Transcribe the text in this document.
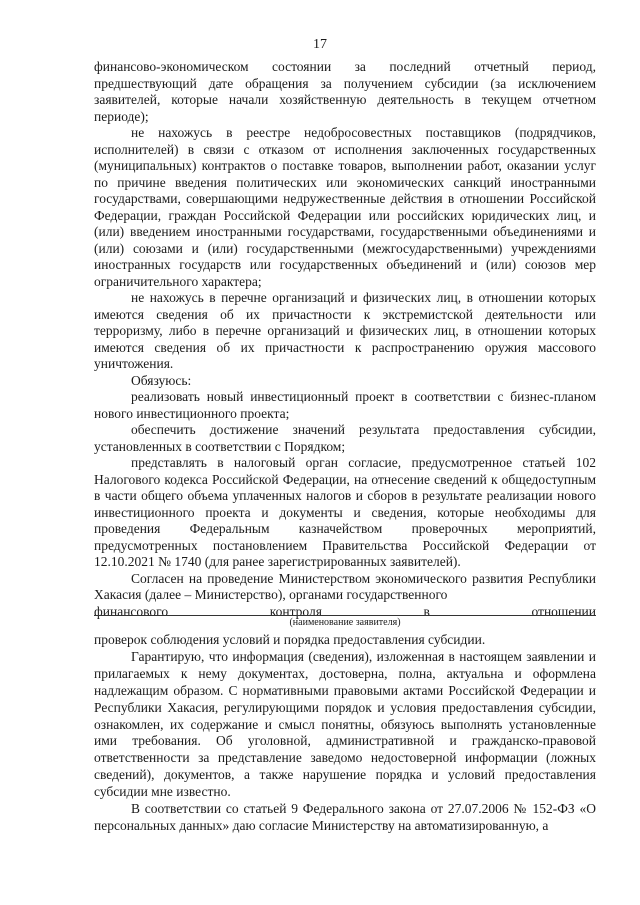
17

финансово-экономическом состоянии за последний отчетный период, предшествующий дате обращения за получением субсидии (за исключением заявителей, которые начали хозяйственную деятельность в текущем отчетном периоде);

не нахожусь в реестре недобросовестных поставщиков (подрядчиков, исполнителей) в связи с отказом от исполнения заключенных государственных (муниципальных) контрактов о поставке товаров, выполнении работ, оказании услуг по причине введения политических или экономических санкций иностранными государствами, совершающими недружественные действия в отношении Российской Федерации, граждан Российской Федерации или российских юридических лиц, и (или) введением иностранными государствами, государственными объединениями и (или) союзами и (или) государственными (межгосударственными) учреждениями иностранных государств или государственных объединений и (или) союзов мер ограничительного характера;

не нахожусь в перечне организаций и физических лиц, в отношении которых имеются сведения об их причастности к экстремистской деятельности или терроризму, либо в перечне организаций и физических лиц, в отношении которых имеются сведения об их причастности к распространению оружия массового уничтожения.

Обязуюсь:

реализовать новый инвестиционный проект в соответствии с бизнес-планом нового инвестиционного проекта;

обеспечить достижение значений результата предоставления субсидии, установленных в соответствии с Порядком;

представлять в налоговый орган согласие, предусмотренное статьей 102 Налогового кодекса Российской Федерации, на отнесение сведений к общедоступным в части общего объема уплаченных налогов и сборов в результате реализации нового инвестиционного проекта и документы и сведения, которые необходимы для проведения Федеральным казначейством проверочных мероприятий, предусмотренных постановлением Правительства Российской Федерации от 12.10.2021 № 1740 (для ранее зарегистрированных заявителей).

Согласен на проведение Министерством экономического развития Республики Хакасия (далее – Министерство), органами государственного

финансового	контроля	в	отношении
(наименование заявителя)

проверок соблюдения условий и порядка предоставления субсидии.

Гарантирую, что информация (сведения), изложенная в настоящем заявлении и прилагаемых к нему документах, достоверна, полна, актуальна и оформлена надлежащим образом. С нормативными правовыми актами Российской Федерации и Республики Хакасия, регулирующими порядок и условия предоставления субсидии, ознакомлен, их содержание и смысл понятны, обязуюсь выполнять установленные ими требования. Об уголовной, административной и гражданско-правовой ответственности за представление заведомо недостоверной информации (ложных сведений), документов, а также нарушение порядка и условий предоставления субсидии мне известно.

В соответствии со статьей 9 Федерального закона от 27.07.2006 № 152-ФЗ «О персональных данных» даю согласие Министерству на автоматизированную, а
